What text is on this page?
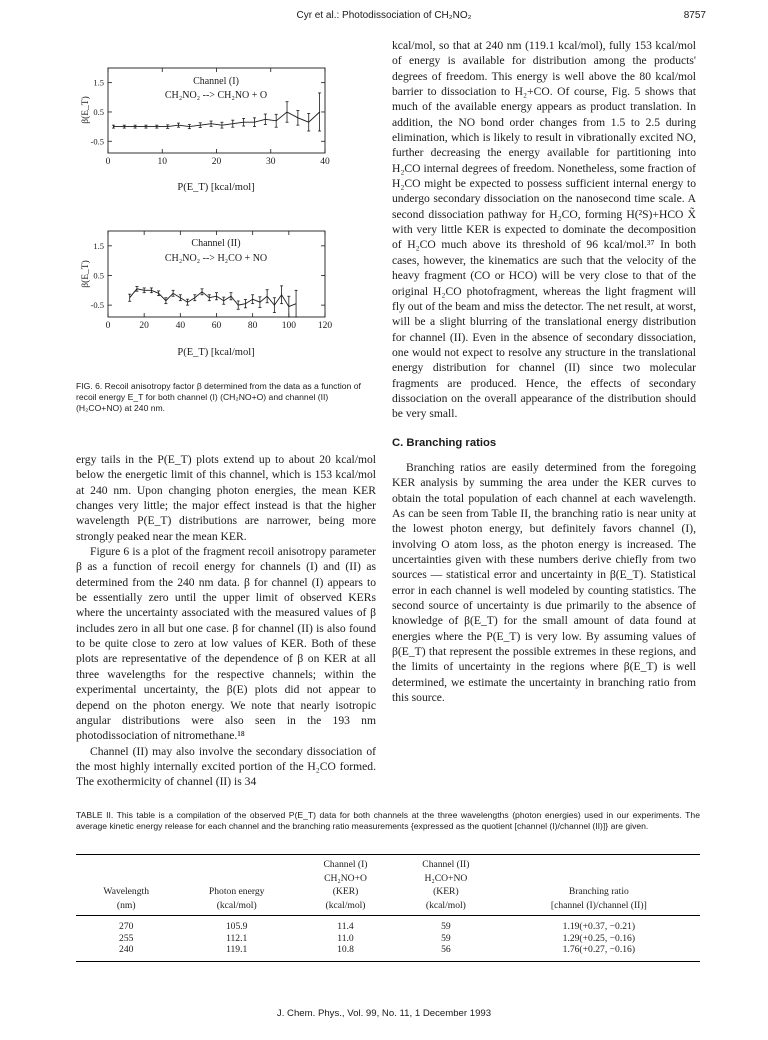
Cyr et al.: Photodissociation of CH₂NO₂	8757
Channel (I)
CH₂NO₂ --> CH₂NO + O
β(E_T)
P(E_T) [kcal/mol]
0	10	20	30	40
-0.5
0.5
1.5
Channel (II)
CH₂NO₂ --> H₂CO + NO
β(E_T)
P(E_T) [kcal/mol]
0	20	40	60	80	100 120
-0.5
0.5
1.5
FIG. 6. Recoil anisotropy factor β determined from the data as a function of recoil energy E_T for both channel (I) (CH₂NO+O) and channel (II) (H₂CO+NO) at 240 nm.

ergy tails in the P(E_T) plots extend up to about 20 kcal/mol below the energetic limit of this channel, which is 153 kcal/mol at 240 nm. Upon changing photon energies, the mean KER changes very little; the major effect instead is that the higher wavelength P(E_T) distributions are narrower, being more strongly peaked near the mean KER.

Figure 6 is a plot of the fragment recoil anisotropy parameter β as a function of recoil energy for channels (I) and (II) as determined from the 240 nm data. β for channel (I) appears to be essentially zero until the upper limit of observed KERs where the uncertainty associated with the measured values of β includes zero in all but one case. β for channel (II) is also found to be quite close to zero at low values of KER. Both of these plots are representative of the dependence of β on KER at all three wavelengths for the respective channels; within the experimental uncertainty, the β(E) plots did not appear to depend on the photon energy. We note that nearly isotropic angular distributions were also seen in the 193 nm photodissociation of nitromethane.¹⁸

Channel (II) may also involve the secondary dissociation of the most highly internally excited portion of the H₂CO formed. The exothermicity of channel (II) is 34

kcal/mol, so that at 240 nm (119.1 kcal/mol), fully 153 kcal/mol of energy is available for distribution among the products' degrees of freedom. This energy is well above the 80 kcal/mol barrier to dissociation to H₂+CO. Of course, Fig. 5 shows that much of the available energy appears as product translation. In addition, the NO bond order changes from 1.5 to 2.5 during elimination, which is likely to result in vibrationally excited NO, further decreasing the energy available for partitioning into H₂CO internal degrees of freedom. Nonetheless, some fraction of H₂CO might be expected to possess sufficient internal energy to undergo secondary dissociation on the nanosecond time scale. A second dissociation pathway for H₂CO, forming H(²S)+HCO X̃ with very little KER is expected to dominate the decomposition of H₂CO much above its threshold of 96 kcal/mol.³⁷ In both cases, however, the kinematics are such that the velocity of the heavy fragment (CO or HCO) will be very close to that of the original H₂CO photofragment, whereas the light fragment will fly out of the beam and miss the detector. The net result, at worst, will be a slight blurring of the translational energy distribution for channel (II). Even in the absence of secondary dissociation, one would not expect to resolve any structure in the translational energy distribution for channel (II) since two molecular fragments are produced. Hence, the effects of secondary dissociation on the overall appearance of the distribution should be very small.

C. Branching ratios

Branching ratios are easily determined from the foregoing KER analysis by summing the area under the KER curves to obtain the total population of each channel at each wavelength. As can be seen from Table II, the branching ratio is near unity at the lowest photon energy, but definitely favors channel (I), involving O atom loss, as the photon energy is increased. The uncertainties given with these numbers derive chiefly from two sources — statistical error and uncertainty in β(E_T). Statistical error in each channel is well modeled by counting statistics. The second source of uncertainty is due primarily to the absence of knowledge of β(E_T) for the small amount of data found at energies where the P(E_T) is very low. By assuming values of β(E_T) that represent the possible extremes in these regions, and the limits of uncertainty in the regions where β(E_T) is well determined, we estimate the uncertainty in branching ratio from this source.

TABLE II. This table is a compilation of the observed P(E_T) data for both channels at the three wavelengths (photon energies) used in our experiments. The average kinetic energy release for each channel and the branching ratio measurements {expressed as the quotient [channel (I)/channel (II)]} are given.
		Channel (I)	Channel (II)	
		CH₂NO+O	H₂CO+NO	
Wavelength	Photon energy	(KER)	(KER)	Branching ratio
(nm)	(kcal/mol)	(kcal/mol)	(kcal/mol)	[channel (I)/channel (II)]
270	105.9	11.4	59	1.19(+0.37, −0.21)
255	112.1	11.0	59	1.29(+0.25, −0.16)
240	119.1	10.8	56	1.76(+0.27, −0.16)
J. Chem. Phys., Vol. 99, No. 11, 1 December 1993
